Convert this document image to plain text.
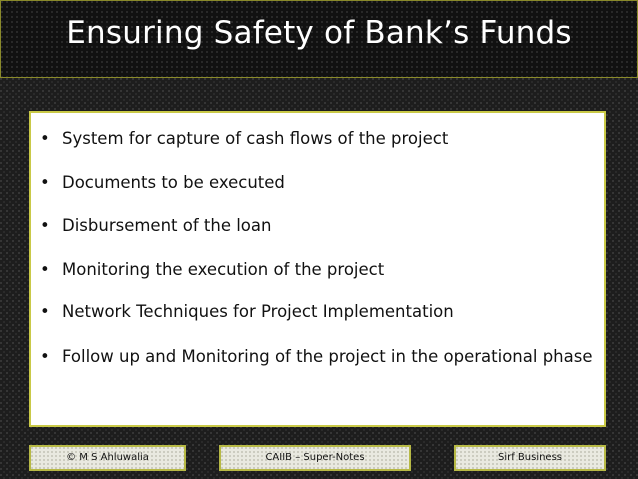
Ensuring Safety of Bank’s Funds
• System for capture of cash flows of the project
• Documents to be executed
• Disbursement of the loan
• Monitoring the execution of the project
• Network Techniques for Project Implementation
• Follow up and Monitoring of the project in the operational phase
© M S Ahluwalia	CAIIB – Super-Notes	Sirf Business
